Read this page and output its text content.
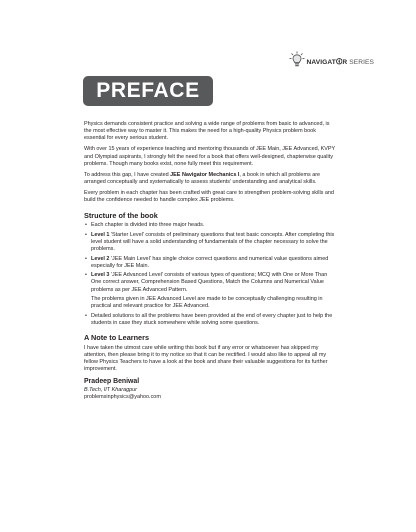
NAVIGAT R SERIES
PREFACE

Physics demands consistent practice and solving a wide range of problems from basic to advanced, is the most effective way to master it. This makes the need for a high-quality Physics problem book essential for every serious student.

With over 15 years of experience teaching and mentoring thousands of JEE Main, JEE Advanced, KVPY and Olympiad aspirants, I strongly felt the need for a book that offers well-designed, chapterwise quality problems. Though many books exist, none fully meet this requirement.

To address this gap, I have created JEE Navigator Mechanics I, a book in which all problems are arranged conceptually and systematically to assess students' understanding and analytical skills.

Every problem in each chapter has been crafted with great care to strengthen problem-solving skills and build the confidence needed to handle complex JEE problems.

Structure of the book
• Each chapter is divided into three major heads.
• Level 1 'Starter Level' consists of preliminary questions that test basic concepts. After completing this level student will have a solid understanding of fundamentals of the chapter necessary to solve the problems.
• Level 2 'JEE Main Level' has single choice correct questions and numerical value questions aimed especially for JEE Main.
• Level 3 'JEE Advanced Level' consists of various types of questions; MCQ with One or More Than One correct answer, Comprehension Based Questions, Match the Columns and Numerical Value problems as per JEE Advanced Pattern.
The problems given in JEE Advanced Level are made to be conceptually challenging resulting in practical and relevant practice for JEE Advanced.
• Detailed solutions to all the problems have been provided at the end of every chapter just to help the students in case they stuck somewhere while solving some questions.
A Note to Learners

I have taken the utmost care while writing this book but if any error or whatsoever has skipped my attention, then please bring it to my notice so that it can be rectified. I would also like to appeal all my fellow Physics Teachers to have a look at the book and share their valuable suggestions for its further improvement.

Pradeep Beniwal
B.Tech, IIT Kharagpur
problemsinphysics@yahoo.com
